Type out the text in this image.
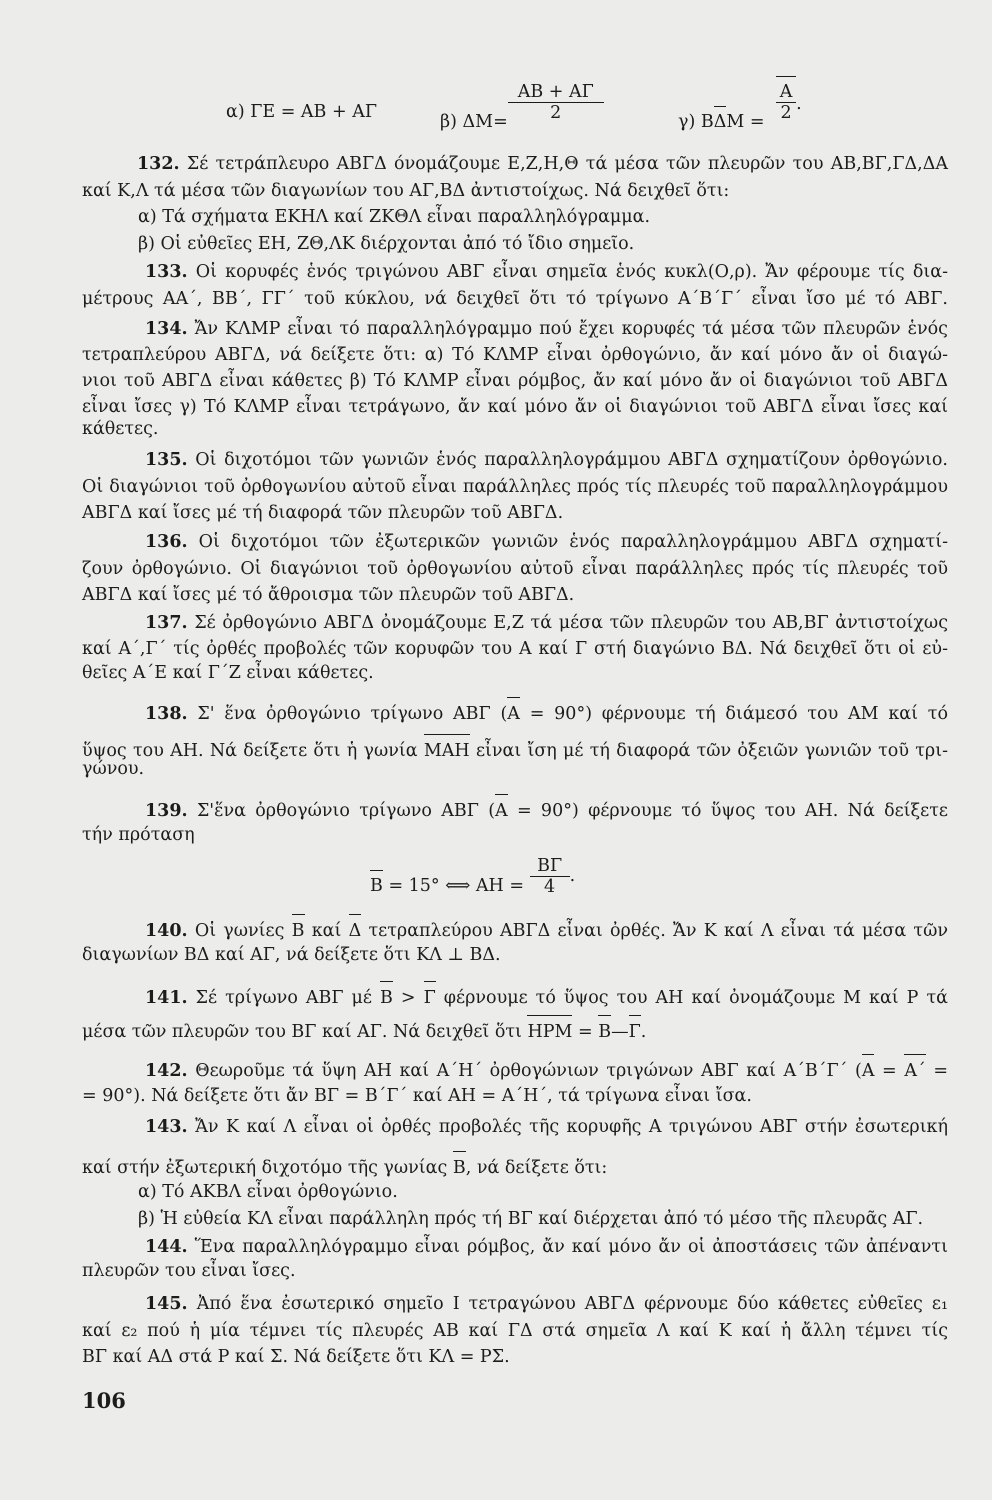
α) ΓΕ = ΑΒ + ΑΓ	β) $\Delta M= \frac{AB + A\Gamma}{2}$	γ) $B\Delta M = \frac{A}{2}$ .
132. Σέ τετράπλευρο ΑΒΓΔ όνομάζουμε Ε,Ζ,Η,Θ τά μέσα τῶν πλευρῶν του ΑΒ,ΒΓ,ΓΔ,ΔΑ
καί Κ,Λ τά μέσα τῶν διαγωνίων του ΑΓ,ΒΔ ἀντιστοίχως. Νά δειχθεῖ ὅτι:
α) Τά σχήματα ΕΚΗΛ καί ΖΚΘΛ εἶναι παραλληλόγραμμα.
β) Οἱ εὐθεῖες ΕΗ, ΖΘ,ΛΚ διέρχονται ἀπό τό ἴδιο σημεῖο.
133. Οἱ κορυφές ἑνός τριγώνου ΑΒΓ εἶναι σημεῖα ἑνός κυκλ(Ο,ρ). Ἄν φέρουμε τίς δια-
μέτρους ΑΑ΄, ΒΒ΄, ΓΓ΄ τοῦ κύκλου, νά δειχθεῖ ὅτι τό τρίγωνο Α΄Β΄Γ΄ εἶναι ἴσο μέ τό ΑΒΓ.
134. Ἄν ΚΛΜΡ εἶναι τό παραλληλόγραμμο πού ἔχει κορυφές τά μέσα τῶν πλευρῶν ἑνός
τετραπλεύρου ΑΒΓΔ, νά δείξετε ὅτι: α) Τό ΚΛΜΡ εἶναι ὀρθογώνιο, ἄν καί μόνο ἄν οἱ διαγώ-
νιοι τοῦ ΑΒΓΔ εἶναι κάθετες β) Τό ΚΛΜΡ εἶναι ρόμβος, ἄν καί μόνο ἄν οἱ διαγώνιοι τοῦ ΑΒΓΔ
εἶναι ἴσες γ) Τό ΚΛΜΡ εἶναι τετράγωνο, ἄν καί μόνο ἄν οἱ διαγώνιοι τοῦ ΑΒΓΔ εἶναι ἴσες καί
κάθετες.
135. Οἱ διχοτόμοι τῶν γωνιῶν ἑνός παραλληλογράμμου ΑΒΓΔ σχηματίζουν ὀρθογώνιο.
Οἱ διαγώνιοι τοῦ ὀρθογωνίου αὐτοῦ εἶναι παράλληλες πρός τίς πλευρές τοῦ παραλληλογράμμου
ΑΒΓΔ καί ἴσες μέ τή διαφορά τῶν πλευρῶν τοῦ ΑΒΓΔ.
136. Οἱ διχοτόμοι τῶν ἐξωτερικῶν γωνιῶν ἑνός παραλληλογράμμου ΑΒΓΔ σχηματί-
ζουν ὀρθογώνιο. Οἱ διαγώνιοι τοῦ ὀρθογωνίου αὐτοῦ εἶναι παράλληλες πρός τίς πλευρές τοῦ
ΑΒΓΔ καί ἴσες μέ τό ἄθροισμα τῶν πλευρῶν τοῦ ΑΒΓΔ.
137. Σέ ὀρθογώνιο ΑΒΓΔ ὀνομάζουμε Ε,Ζ τά μέσα τῶν πλευρῶν του ΑΒ,ΒΓ ἀντιστοίχως
καί Α΄,Γ΄ τίς ὀρθές προβολές τῶν κορυφῶν του Α καί Γ στή διαγώνιο ΒΔ. Νά δειχθεῖ ὅτι οἱ εὐ-
θεῖες Α΄Ε καί Γ΄Ζ εἶναι κάθετες.
138. Σ' ἕνα ὀρθογώνιο τρίγωνο ΑΒΓ (Α = 90°) φέρνουμε τή διάμεσό του ΑΜ καί τό
ὕψος του ΑΗ. Νά δείξετε ὅτι ἡ γωνία ΜΑΗ εἶναι ἴση μέ τή διαφορά τῶν ὀξειῶν γωνιῶν τοῦ τρι-
γώνου.
139. Σ'ἕνα ὀρθογώνιο τρίγωνο ΑΒΓ (Α = 90°) φέρνουμε τό ὕψος του ΑΗ. Νά δείξετε
τήν πρόταση
Β = 15° ⟺ $AH = \frac{B\Gamma}{4}$ .
140. Οἱ γωνίες Β καί Δ τετραπλεύρου ΑΒΓΔ εἶναι ὀρθές. Ἄν Κ καί Λ εἶναι τά μέσα τῶν
διαγωνίων ΒΔ καί ΑΓ, νά δείξετε ὅτι ΚΛ ⊥ ΒΔ.
141. Σέ τρίγωνο ΑΒΓ μέ Β > Γ φέρνουμε τό ὕψος του ΑΗ καί ὀνομάζουμε Μ καί Ρ τά
μέσα τῶν πλευρῶν του ΒΓ καί ΑΓ. Νά δειχθεῖ ὅτι ΗΡΜ = Β—Γ.
142. Θεωροῦμε τά ὕψη ΑΗ καί Α΄Η΄ ὀρθογώνιων τριγώνων ΑΒΓ καί Α΄Β΄Γ΄ (Α = Α΄ =
= 90°). Νά δείξετε ὅτι ἄν ΒΓ = Β΄Γ΄ καί ΑΗ = Α΄Η΄, τά τρίγωνα εἶναι ἴσα.
143. Ἄν Κ καί Λ εἶναι οἱ ὀρθές προβολές τῆς κορυφῆς Α τριγώνου ΑΒΓ στήν ἐσωτερική
καί στήν ἐξωτερική διχοτόμο τῆς γωνίας Β, νά δείξετε ὅτι:
α) Τό ΑΚΒΛ εἶναι ὀρθογώνιο.
β) Ἡ εὐθεία ΚΛ εἶναι παράλληλη πρός τή ΒΓ καί διέρχεται ἀπό τό μέσο τῆς πλευρᾶς ΑΓ.
144. Ἕνα παραλληλόγραμμο εἶναι ρόμβος, ἄν καί μόνο ἄν οἱ ἀποστάσεις τῶν ἀπέναντι
πλευρῶν του εἶναι ἴσες.
145. Ἀπό ἕνα ἐσωτερικό σημεῖο Ι τετραγώνου ΑΒΓΔ φέρνουμε δύο κάθετες εὐθεῖες ε₁
καί ε₂ πού ἡ μία τέμνει τίς πλευρές ΑΒ καί ΓΔ στά σημεῖα Λ καί Κ καί ἡ ἄλλη τέμνει τίς
ΒΓ καί ΑΔ στά Ρ καί Σ. Νά δείξετε ὅτι ΚΛ = ΡΣ.
106
